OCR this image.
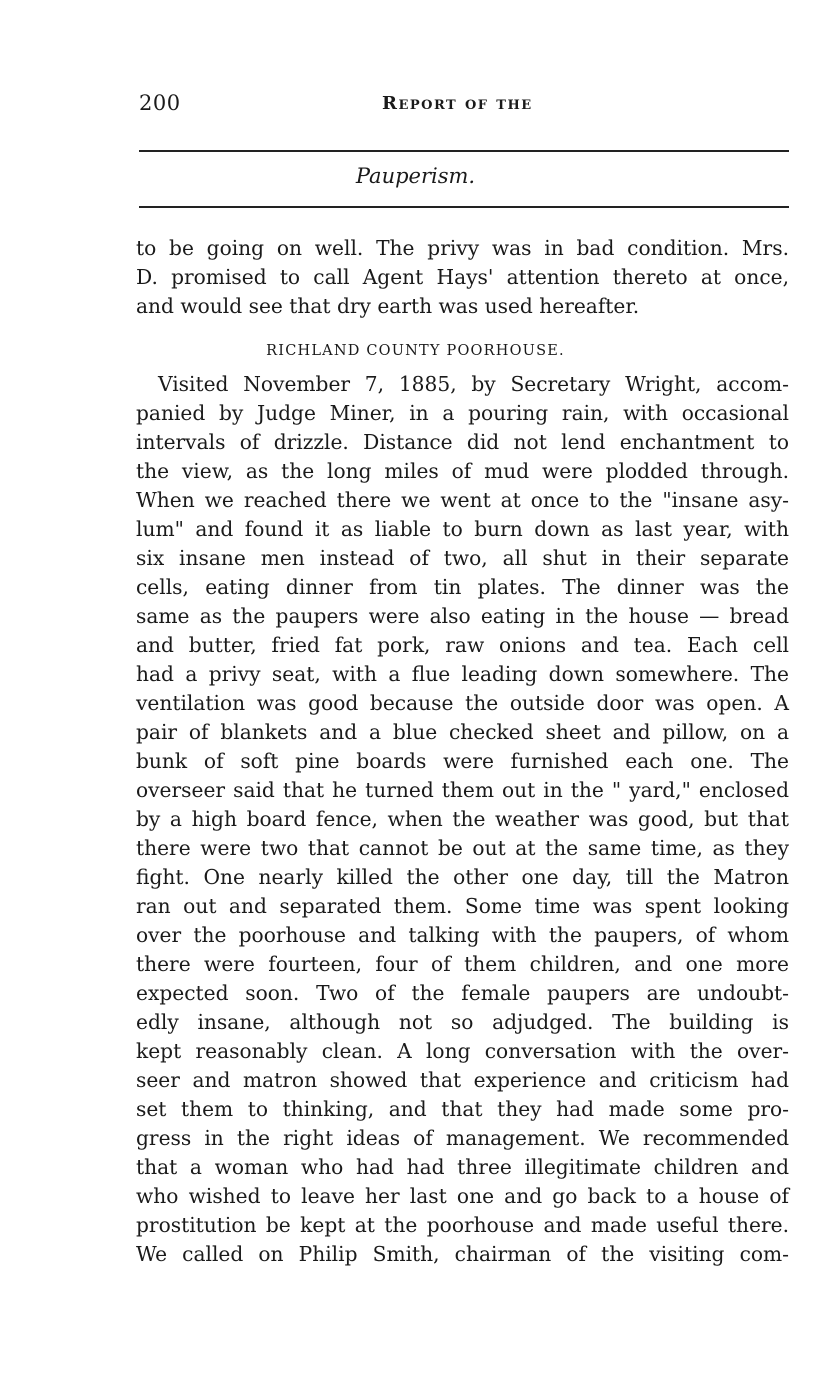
200	Report of the
Pauperism.
to be going on well. The privy was in bad condition. Mrs.
D. promised to call Agent Hays' attention thereto at once,
and would see that dry earth was used hereafter.
RICHLAND COUNTY POORHOUSE.
Visited November 7, 1885, by Secretary Wright, accom-
panied by Judge Miner, in a pouring rain, with occasional
intervals of drizzle. Distance did not lend enchantment to
the view, as the long miles of mud were plodded through.
When we reached there we went at once to the "insane asy-
lum" and found it as liable to burn down as last year, with
six insane men instead of two, all shut in their separate
cells, eating dinner from tin plates. The dinner was the
same as the paupers were also eating in the house — bread
and butter, fried fat pork, raw onions and tea. Each cell
had a privy seat, with a flue leading down somewhere. The
ventilation was good because the outside door was open. A
pair of blankets and a blue checked sheet and pillow, on a
bunk of soft pine boards were furnished each one. The
overseer said that he turned them out in the " yard," enclosed
by a high board fence, when the weather was good, but that
there were two that cannot be out at the same time, as they
fight. One nearly killed the other one day, till the Matron
ran out and separated them. Some time was spent looking
over the poorhouse and talking with the paupers, of whom
there were fourteen, four of them children, and one more
expected soon. Two of the female paupers are undoubt-
edly insane, although not so adjudged. The building is
kept reasonably clean. A long conversation with the over-
seer and matron showed that experience and criticism had
set them to thinking, and that they had made some pro-
gress in the right ideas of management. We recommended
that a woman who had had three illegitimate children and
who wished to leave her last one and go back to a house of
prostitution be kept at the poorhouse and made useful there.
We called on Philip Smith, chairman of the visiting com-
